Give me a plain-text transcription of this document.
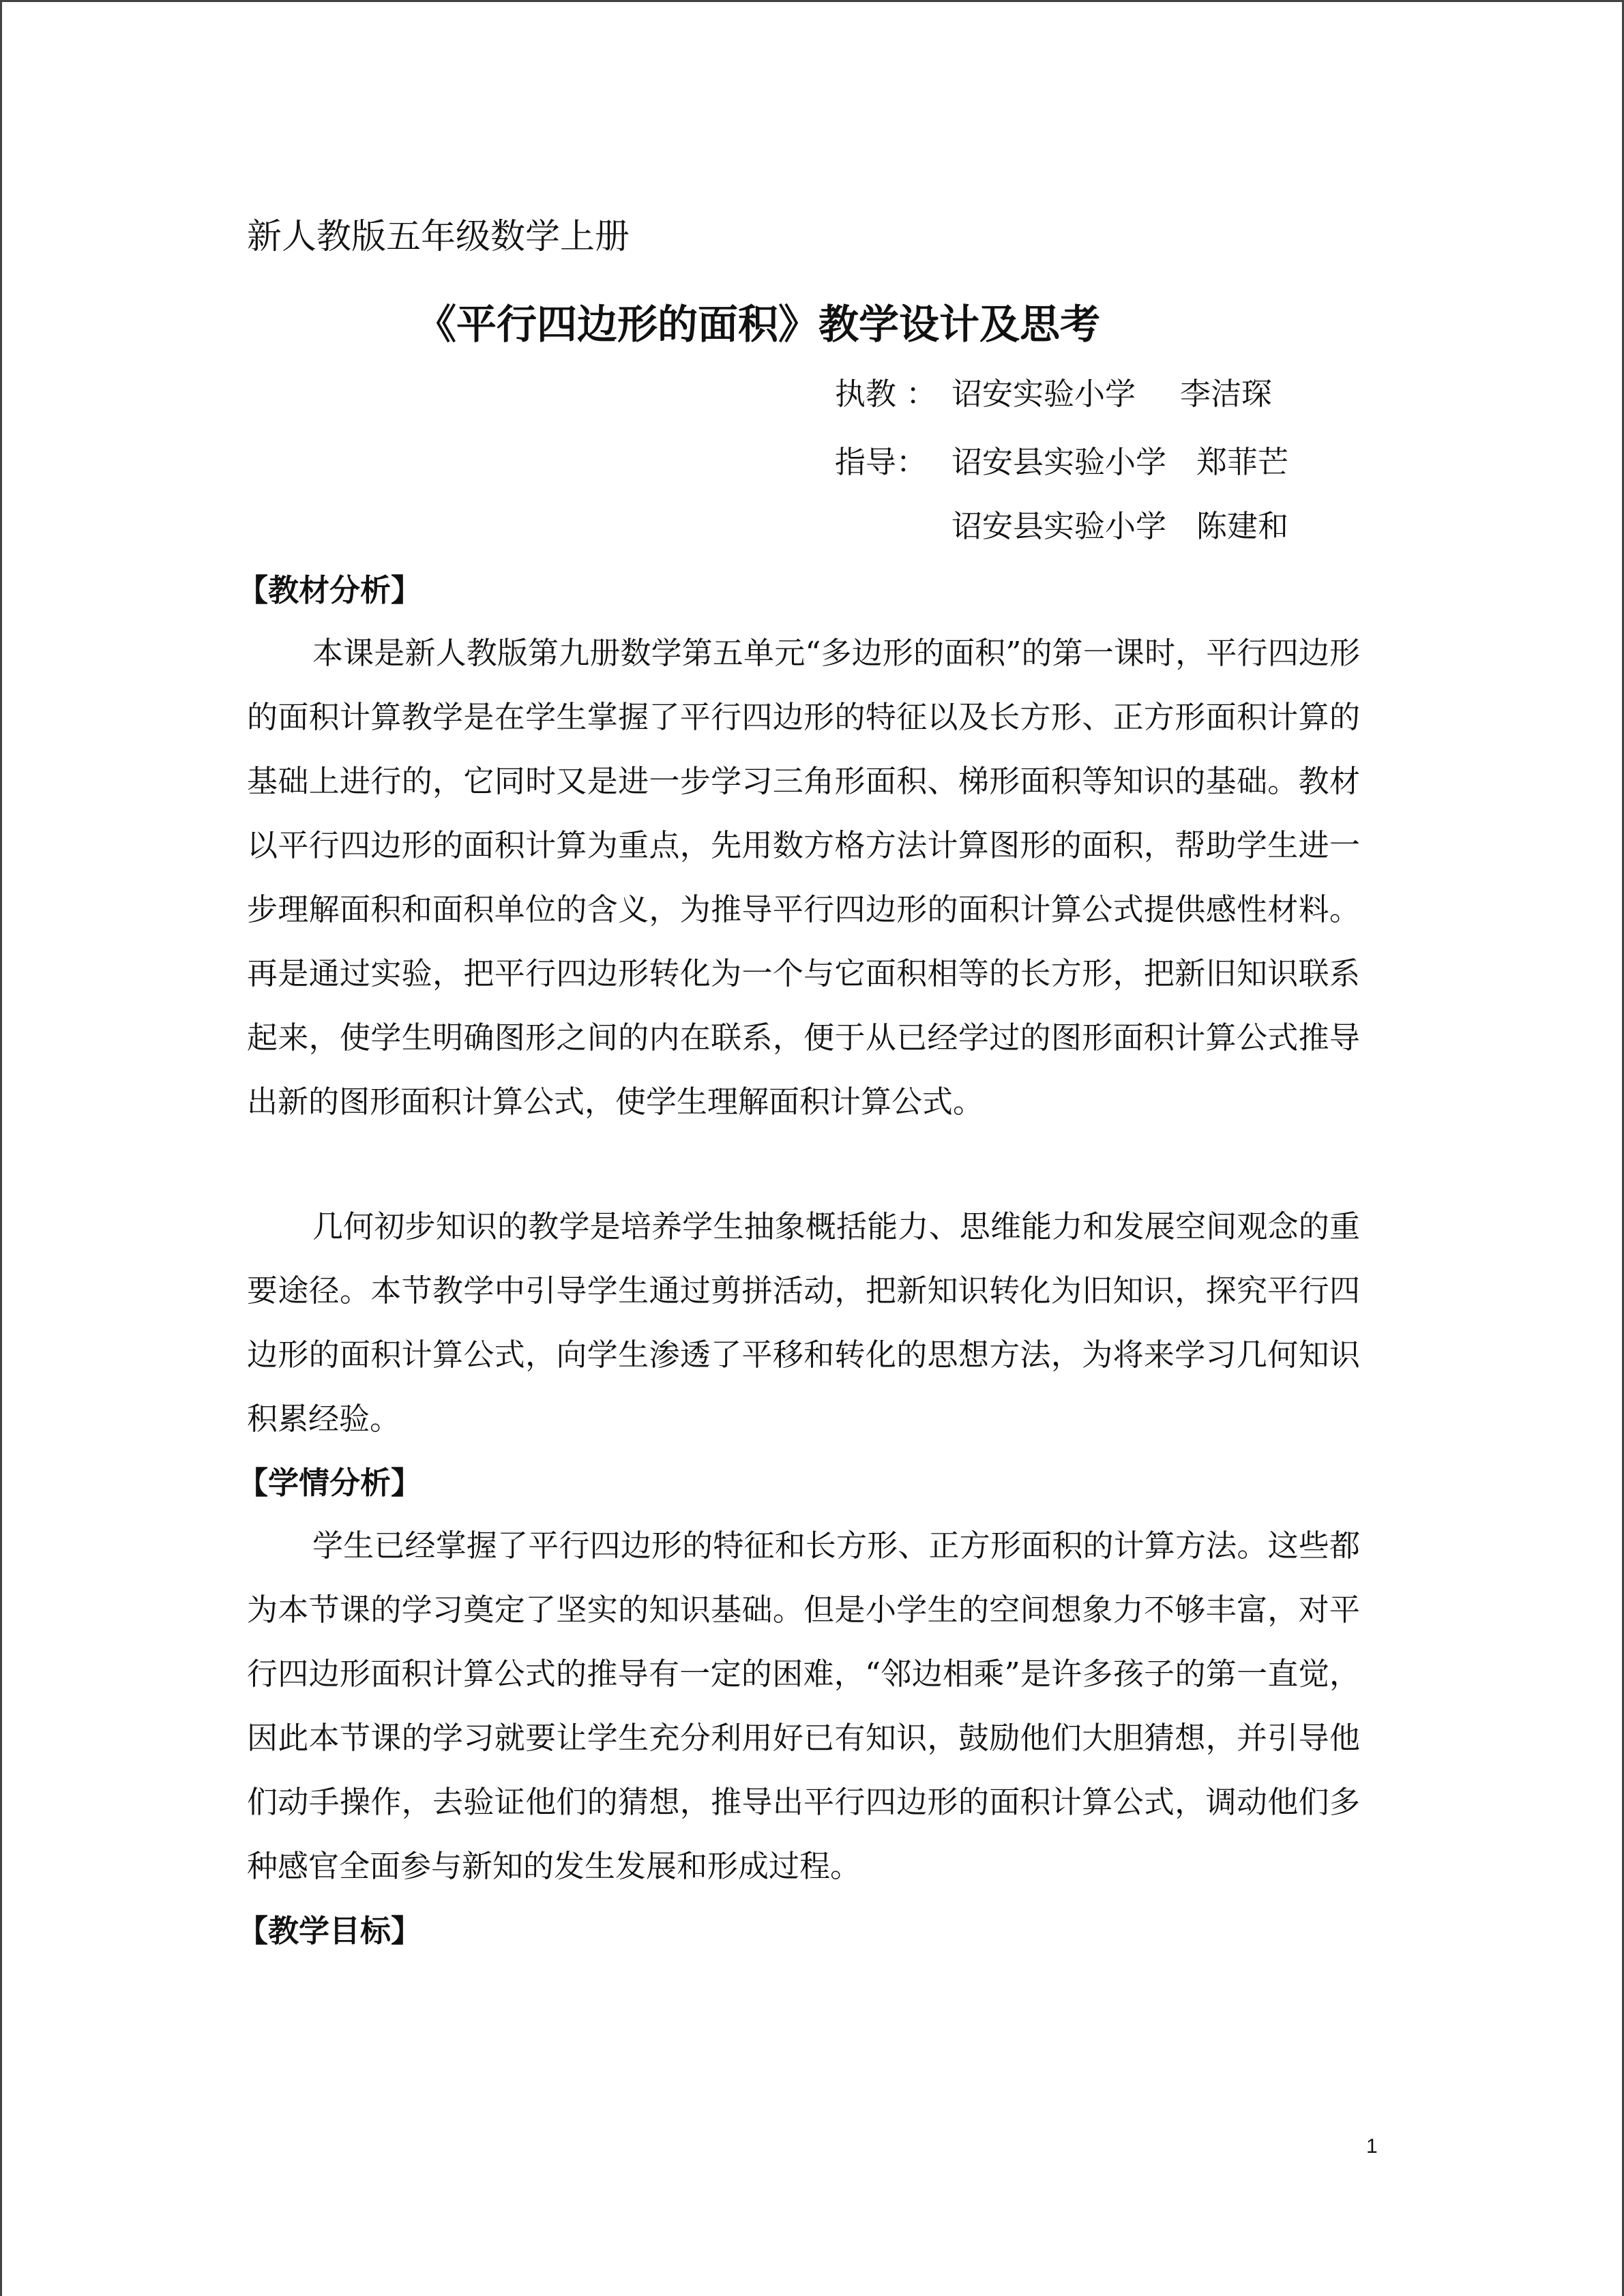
新人教版五年级数学上册
《平行四边形的面积》教学设计及思考
执教 ： 诏安实验小学 李洁琛
指导： 诏安县实验小学 郑菲芒
诏安县实验小学 陈建和
【教材分析】

本课是新人教版第九册数学第五单元“多边形的面积”的第一课时，平行四边形的面积计算教学是在学生掌握了平行四边形的特征以及长方形、正方形面积计算的基础上进行的，它同时又是进一步学习三角形面积、梯形面积等知识的基础。教材以平行四边形的面积计算为重点，先用数方格方法计算图形的面积，帮助学生进一步理解面积和面积单位的含义，为推导平行四边形的面积计算公式提供感性材料。再是通过实验，把平行四边形转化为一个与它面积相等的长方形，把新旧知识联系起来，使学生明确图形之间的内在联系，便于从已经学过的图形面积计算公式推导出新的图形面积计算公式，使学生理解面积计算公式。

几何初步知识的教学是培养学生抽象概括能力、思维能力和发展空间观念的重要途径。本节教学中引导学生通过剪拼活动，把新知识转化为旧知识，探究平行四边形的面积计算公式，向学生渗透了平移和转化的思想方法，为将来学习几何知识积累经验。

【学情分析】

学生已经掌握了平行四边形的特征和长方形、正方形面积的计算方法。这些都为本节课的学习奠定了坚实的知识基础。但是小学生的空间想象力不够丰富，对平行四边形面积计算公式的推导有一定的困难，“邻边相乘”是许多孩子的第一直觉，因此本节课的学习就要让学生充分利用好已有知识，鼓励他们大胆猜想，并引导他们动手操作，去验证他们的猜想，推导出平行四边形的面积计算公式，调动他们多种感官全面参与新知的发生发展和形成过程。

【教学目标】
1
